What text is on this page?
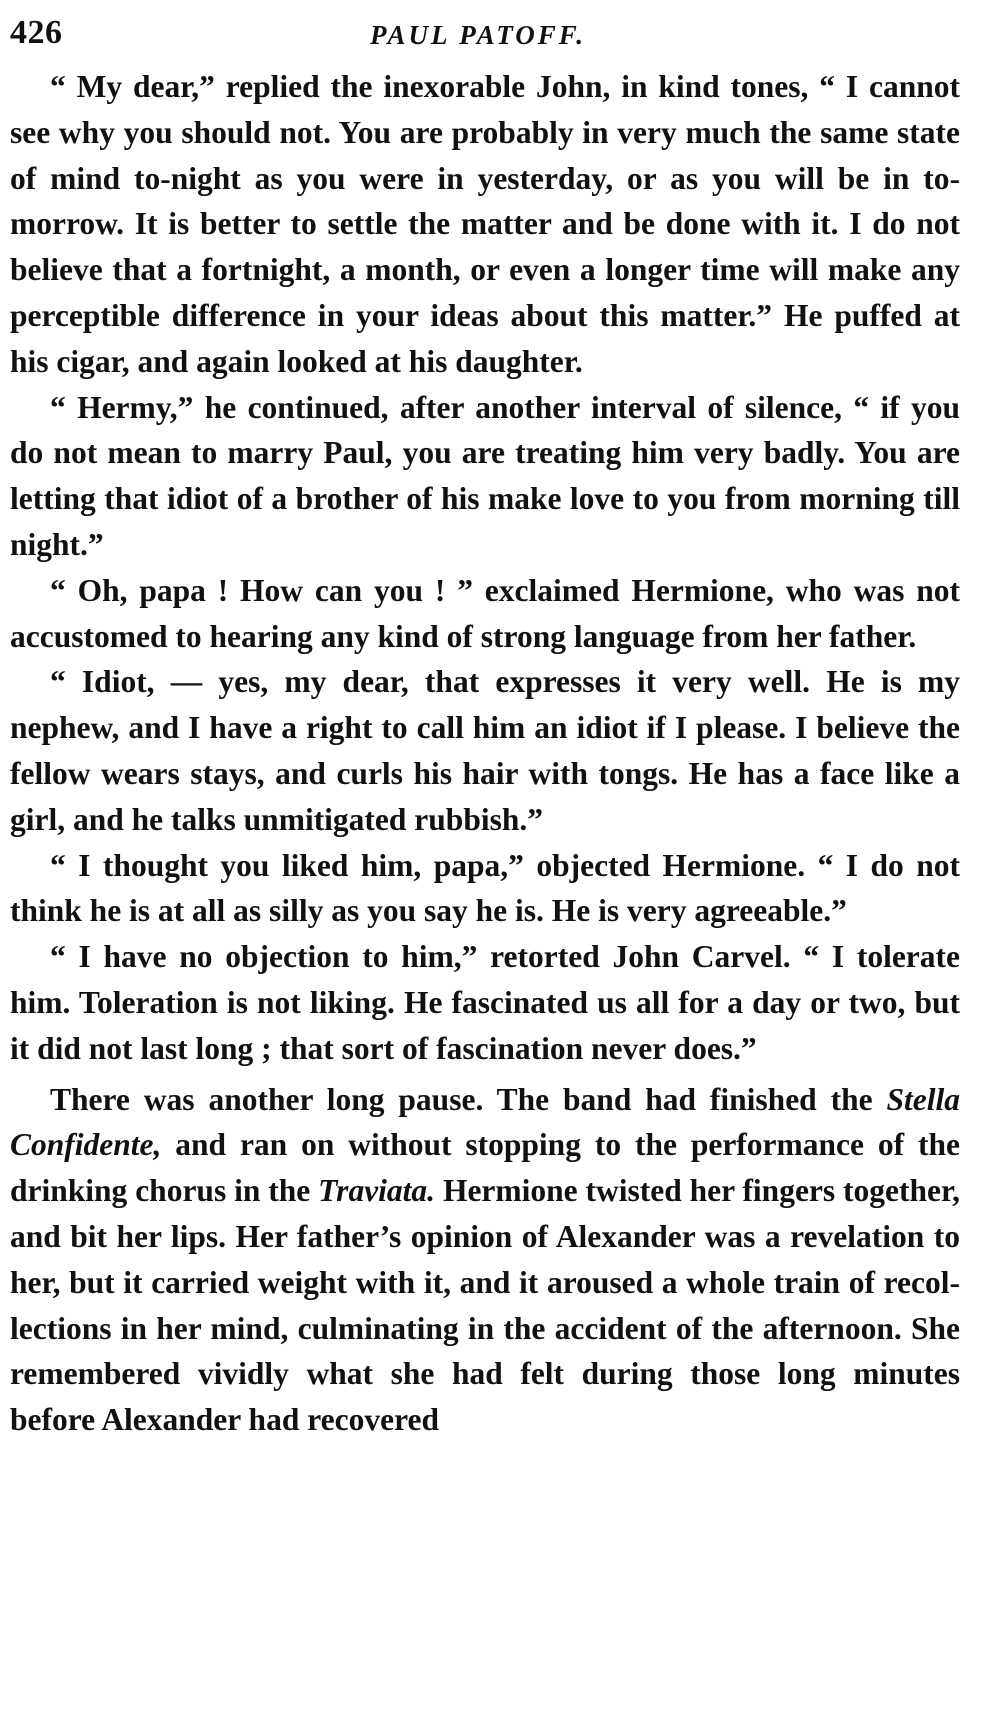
426	PAUL PATOFF.

“ My dear,” replied the inexorable John, in kind tones, “ I cannot see why you should not. You are probably in very much the same state of mind to-night as you were in yesterday, or as you will be in to-morrow. It is better to settle the matter and be done with it. I do not believe that a fortnight, a month, or even a longer time will make any perceptible difference in your ideas about this matter.” He puffed at his cigar, and again looked at his daughter.

“ Hermy,” he continued, after another interval of silence, “ if you do not mean to marry Paul, you are treating him very badly. You are letting that idiot of a brother of his make love to you from morning till night.”

“ Oh, papa ! How can you ! ” exclaimed Hermione, who was not accustomed to hearing any kind of strong language from her father.

“ Idiot, — yes, my dear, that expresses it very well. He is my nephew, and I have a right to call him an idiot if I please. I believe the fellow wears stays, and curls his hair with tongs. He has a face like a girl, and he talks unmitigated rubbish.”

“ I thought you liked him, papa,” objected Hermione. “ I do not think he is at all as silly as you say he is. He is very agreeable.”

“ I have no objection to him,” retorted John Carvel. “ I tolerate him. Toleration is not liking. He fascinated us all for a day or two, but it did not last long ; that sort of fascination never does.”

There was another long pause. The band had finished the Stella Confidente, and ran on without stopping to the performance of the drinking chorus in the Traviata. Hermione twisted her fingers together, and bit her lips. Her father’s opinion of Alexander was a revelation to her, but it carried weight with it, and it aroused a whole train of recollections in her mind, culminating in the accident of the afternoon. She remembered vividly what she had felt during those long minutes before Alexander had recovered
